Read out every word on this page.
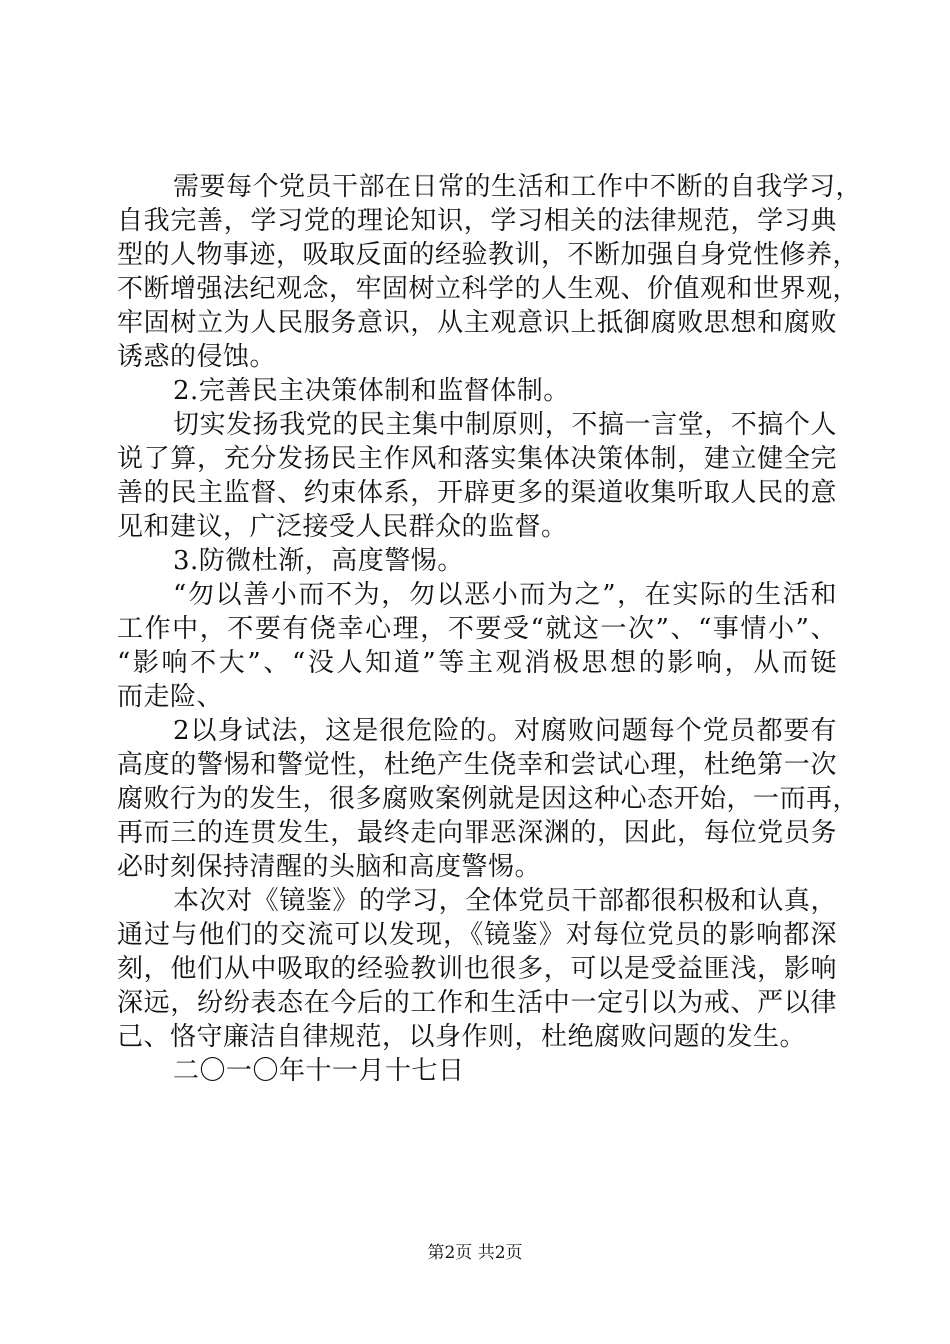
需要每个党员干部在日常的生活和工作中不断的自我学习，
自我完善，学习党的理论知识，学习相关的法律规范，学习典
型的人物事迹，吸取反面的经验教训，不断加强自身党性修养，
不断增强法纪观念，牢固树立科学的人生观、价值观和世界观，
牢固树立为人民服务意识，从主观意识上抵御腐败思想和腐败
诱惑的侵蚀。
2.完善民主决策体制和监督体制。
切实发扬我党的民主集中制原则，不搞一言堂，不搞个人
说了算，充分发扬民主作风和落实集体决策体制，建立健全完
善的民主监督、约束体系，开辟更多的渠道收集听取人民的意
见和建议，广泛接受人民群众的监督。
3.防微杜渐，高度警惕。
“勿以善小而不为，勿以恶小而为之”，在实际的生活和
工作中，不要有侥幸心理，不要受“就这一次”、“事情小”、
“影响不大”、“没人知道”等主观消极思想的影响，从而铤
而走险、
2以身试法，这是很危险的。对腐败问题每个党员都要有
高度的警惕和警觉性，杜绝产生侥幸和尝试心理，杜绝第一次
腐败行为的发生，很多腐败案例就是因这种心态开始，一而再，
再而三的连贯发生，最终走向罪恶深渊的，因此，每位党员务
必时刻保持清醒的头脑和高度警惕。
本次对《镜鉴》的学习，全体党员干部都很积极和认真，
通过与他们的交流可以发现，《镜鉴》对每位党员的影响都深
刻，他们从中吸取的经验教训也很多，可以是受益匪浅，影响
深远，纷纷表态在今后的工作和生活中一定引以为戒、严以律
己、恪守廉洁自律规范，以身作则，杜绝腐败问题的发生。
二〇一〇年十一月十七日
第2页 共2页
